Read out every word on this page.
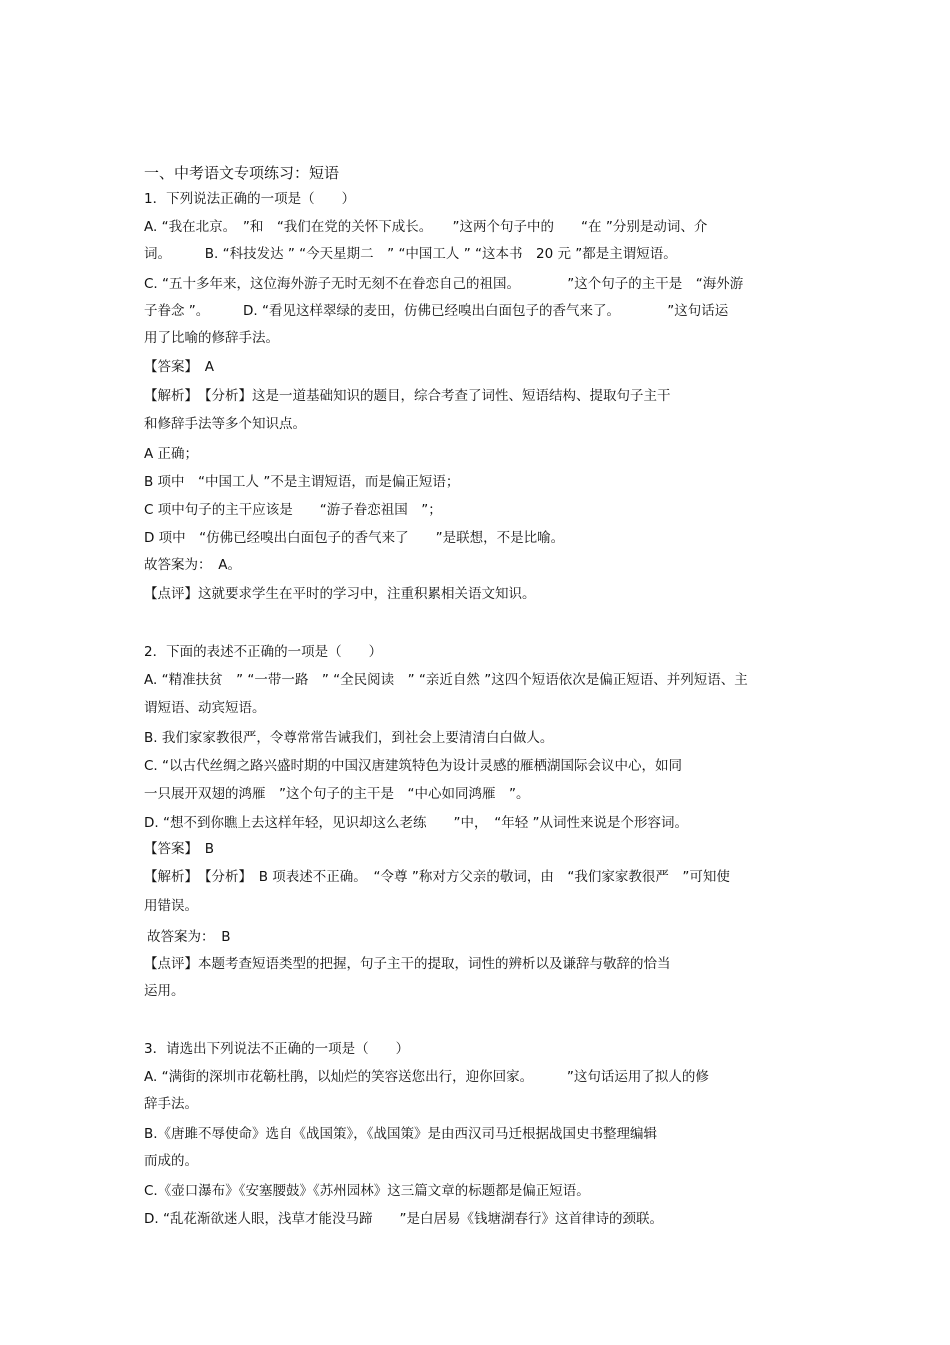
一、中考语文专项练习：短语
1．下列说法正确的一项是（　　）
A. “我在北京。　”和　“我们在党的关怀下成长。　　”这两个句子中的　　“在 ”分别是动词、介
词。　　　B. “科技发达 ” “今天星期二　” “中国工人 ” “这本书　20 元 ”都是主谓短语。
C. “五十多年来，这位海外游子无时无刻不在眷恋自己的祖国。　　　　”这个句子的主干是　“海外游
子眷念 ”。　　　D. “看见这样翠绿的麦田，仿佛已经嗅出白面包子的香气来了。　　　　”这句话运
用了比喻的修辞手法。
【答案】　A
【解析】　【分析】这是一道基础知识的题目，综合考查了词性、短语结构、提取句子主干
和修辞手法等多个知识点。
A 正确；
B 项中　“中国工人 ”不是主谓短语，而是偏正短语；
C 项中句子的主干应该是　　“游子眷恋祖国　”；
D 项中　“仿佛已经嗅出白面包子的香气来了　　”是联想，不是比喻。
故答案为：　A。
【点评】这就要求学生在平时的学习中，注重积累相关语文知识。
2．下面的表述不正确的一项是（　　）
A. “精准扶贫　” “一带一路　” “全民阅读　” “亲近自然 ”这四个短语依次是偏正短语、并列短语、主
谓短语、动宾短语。
B. 我们家家教很严，令尊常常告诫我们，到社会上要清清白白做人。
C. “以古代丝绸之路兴盛时期的中国汉唐建筑特色为设计灵感的雁栖湖国际会议中心，如同
一只展开双翅的鸿雁　”这个句子的主干是　“中心如同鸿雁　”。
D. “想不到你瞧上去这样年轻，见识却这么老练　　”中，　“年轻 ”从词性来说是个形容词。
【答案】　B
【解析】　【分析】　B 项表述不正确。　“令尊 ”称对方父亲的敬词，由　“我们家家教很严　”可知使
用错误。
故答案为：　B
【点评】本题考查短语类型的把握，句子主干的提取，词性的辨析以及谦辞与敬辞的恰当
运用。
3．请选出下列说法不正确的一项是（　　）
A. “满街的深圳市花簕杜鹃，以灿烂的笑容送您出行，迎你回家。　　　”这句话运用了拟人的修
辞手法。
B.《唐雎不辱使命》选自《战国策》，《战国策》是由西汉司马迁根据战国史书整理编辑
而成的。
C.《壶口瀑布》《安塞腰鼓》《苏州园林》这三篇文章的标题都是偏正短语。
D. “乱花渐欲迷人眼，浅草才能没马蹄　　”是白居易《钱塘湖春行》这首律诗的颈联。
